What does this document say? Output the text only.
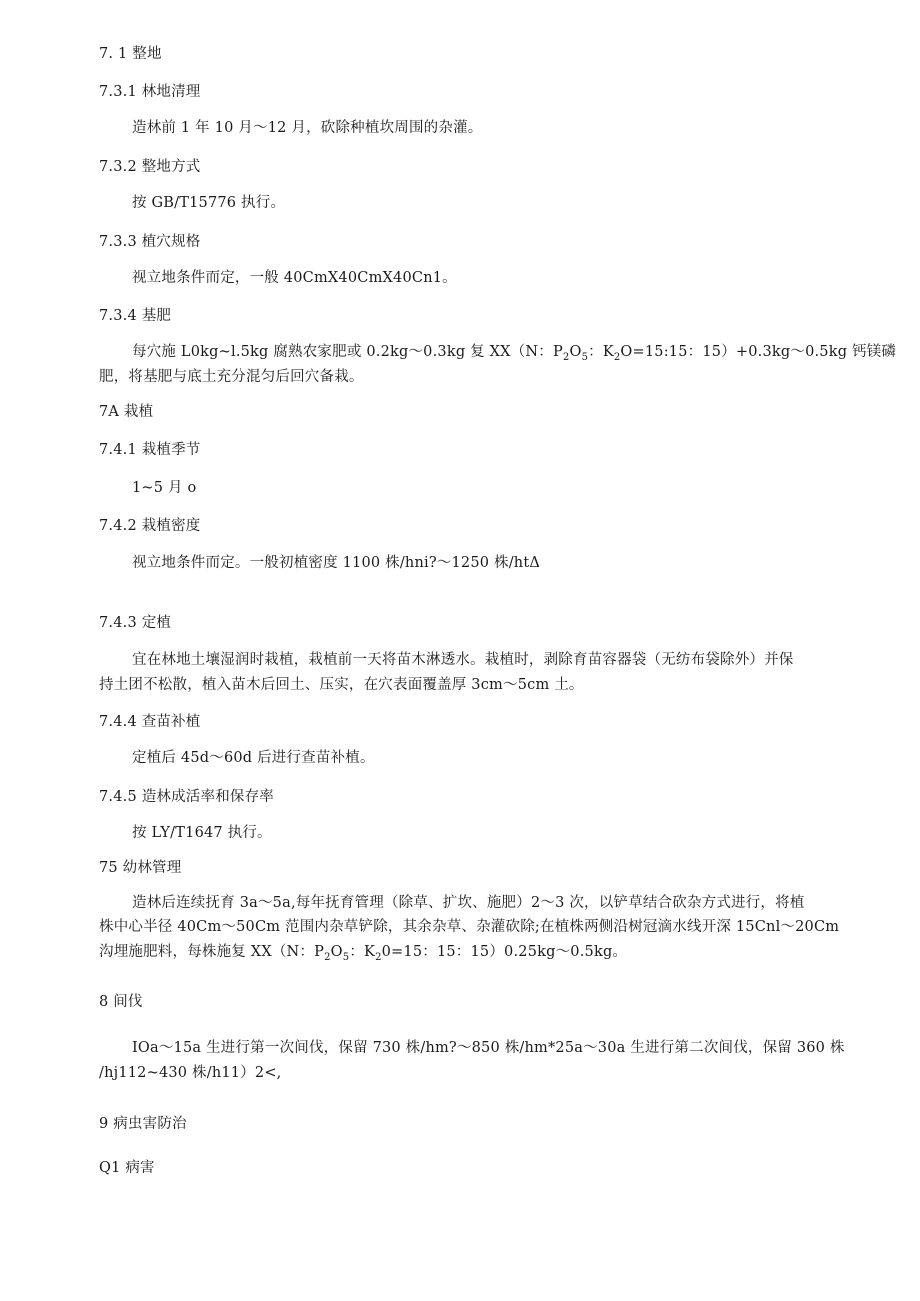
7. 1 整地
7.3.1 林地清理
造林前 1 年 10 月～12 月，砍除种植坎周围的杂灌。
7.3.2 整地方式
按 GB/T15776 执行。
7.3.3 植穴规格
视立地条件而定，一般 40CmX40CmX40Cn1。
7.3.4 基肥
每穴施 L0kg~l.5kg 腐熟农家肥或 0.2kg～0.3kg 复 XX（N：$P_2O_5$：$K_2O=15:15$：15）+0.3kg～0.5kg 钙镁磷
肥，将基肥与底土充分混匀后回穴备栽。
7A 栽植
7.4.1 栽植季节
1~5 月 o
7.4.2 栽植密度
视立地条件而定。一般初植密度 1100 株/hni?～1250 株/htΔ
7.4.3 定植
宜在林地土壤湿润时栽植，栽植前一天将苗木淋透水。栽植时，剥除育苗容器袋（无纺布袋除外）并保
持土团不松散，植入苗木后回土、压实，在穴表面覆盖厚 3cm～5cm 土。
7.4.4 查苗补植
定植后 45d～60d 后进行查苗补植。
7.4.5 造林成活率和保存率
按 LY/T1647 执行。
75 幼林管理
造林后连续抚育 3a～5a,每年抚育管理（除草、扩坎、施肥）2～3 次，以铲草结合砍杂方式进行，将植
株中心半径 40Cm～50Cm 范围内杂草铲除，其余杂草、杂灌砍除;在植株两侧沿树冠滴水线开深 15Cnl～20Cm
沟埋施肥料，每株施复 XX（N：$P_2O_5$：$K_20=15$：15：15）0.25kg～0.5kg。
8 间伐
IOa～15a 生进行第一次间伐，保留 730 株/hm?～850 株/hm*25a～30a 生进行第二次间伐，保留 360 株
/hj112~430 株/h11）2<,
9 病虫害防治
Q1 病害
